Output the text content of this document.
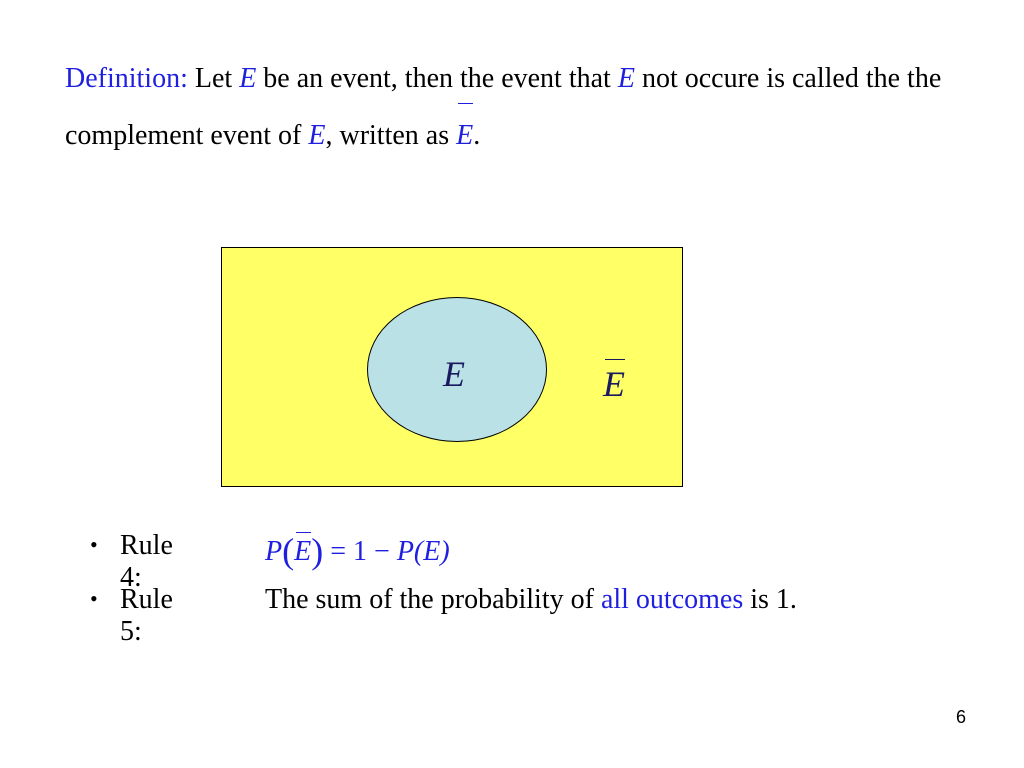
Definition: Let E be an event, then the event that E not occure is called the the complement event of E, written as E.

E	E
• Rule 4:
P(E) = 1 − P(E)
• Rule 5:
The sum of the probability of all outcomes is 1.
6
